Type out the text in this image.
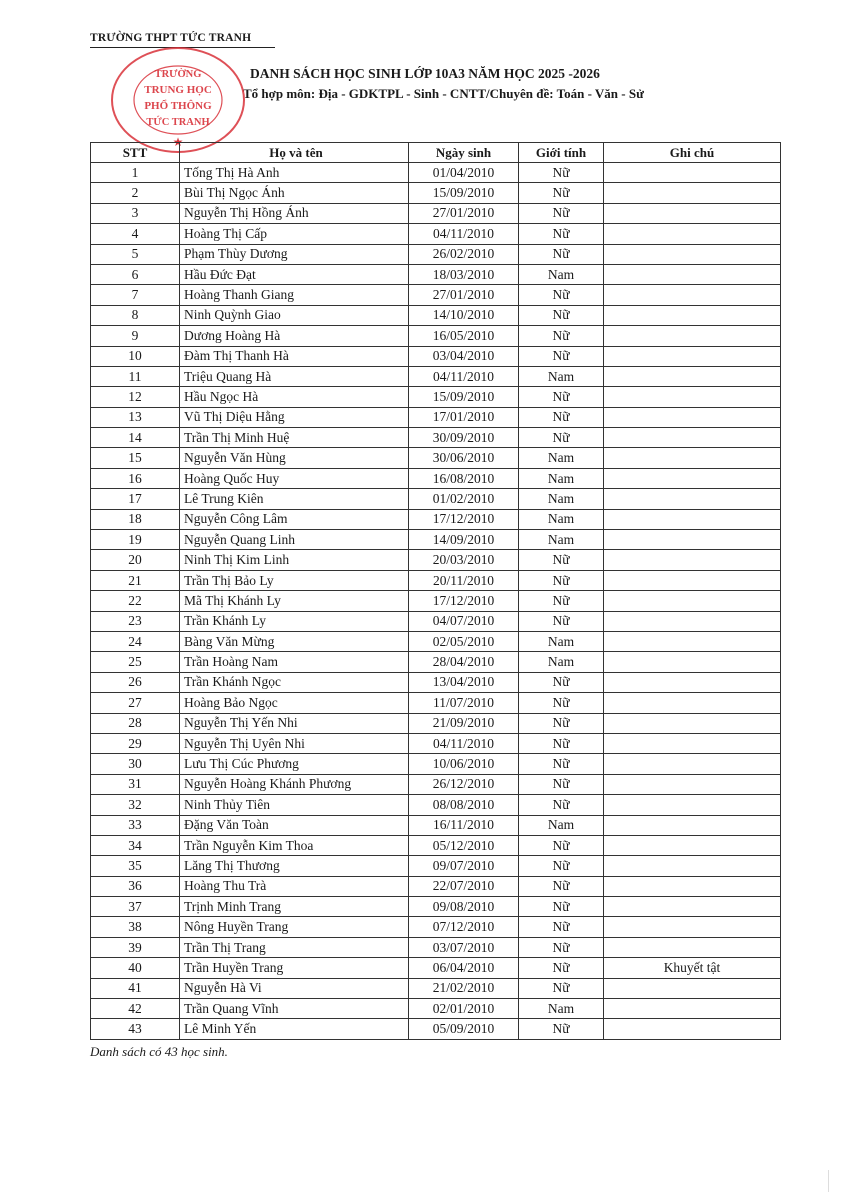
TRƯỜNG THPT TỨC TRANH
DANH SÁCH HỌC SINH LỚP 10A3 NĂM HỌC 2025 -2026
Tổ hợp môn: Địa - GDKTPL - Sinh - CNTT/Chuyên đề: Toán - Văn - Sử
TRƯỜNG
TRUNG HỌC
PHỔ THÔNG
TỨC TRANH
★
STT	Họ và tên	Ngày sinh	Giới tính	Ghi chú
1	Tống Thị Hà Anh	01/04/2010	Nữ	
2	Bùi Thị Ngọc Ánh	15/09/2010	Nữ	
3	Nguyễn Thị Hồng Ánh	27/01/2010	Nữ	
4	Hoàng Thị Cấp	04/11/2010	Nữ	
5	Phạm Thùy Dương	26/02/2010	Nữ	
6	Hầu Đức Đạt	18/03/2010	Nam	
7	Hoàng Thanh Giang	27/01/2010	Nữ	
8	Ninh Quỳnh Giao	14/10/2010	Nữ	
9	Dương Hoàng Hà	16/05/2010	Nữ	
10	Đàm Thị Thanh Hà	03/04/2010	Nữ	
11	Triệu Quang Hà	04/11/2010	Nam	
12	Hầu Ngọc Hà	15/09/2010	Nữ	
13	Vũ Thị Diệu Hằng	17/01/2010	Nữ	
14	Trần Thị Minh Huệ	30/09/2010	Nữ	
15	Nguyễn Văn Hùng	30/06/2010	Nam	
16	Hoàng Quốc Huy	16/08/2010	Nam	
17	Lê Trung Kiên	01/02/2010	Nam	
18	Nguyễn Công Lâm	17/12/2010	Nam	
19	Nguyễn Quang Linh	14/09/2010	Nam	
20	Ninh Thị Kim Linh	20/03/2010	Nữ	
21	Trần Thị Bảo Ly	20/11/2010	Nữ	
22	Mã Thị Khánh Ly	17/12/2010	Nữ	
23	Trần Khánh Ly	04/07/2010	Nữ	
24	Bàng Văn Mừng	02/05/2010	Nam	
25	Trần Hoàng Nam	28/04/2010	Nam	
26	Trần Khánh Ngọc	13/04/2010	Nữ	
27	Hoàng Bảo Ngọc	11/07/2010	Nữ	
28	Nguyễn Thị Yến Nhi	21/09/2010	Nữ	
29	Nguyễn Thị Uyên Nhi	04/11/2010	Nữ	
30	Lưu Thị Cúc Phương	10/06/2010	Nữ	
31	Nguyễn Hoàng Khánh Phương	26/12/2010	Nữ	
32	Ninh Thủy Tiên	08/08/2010	Nữ	
33	Đặng Văn Toàn	16/11/2010	Nam	
34	Trần Nguyễn Kim Thoa	05/12/2010	Nữ	
35	Lăng Thị Thương	09/07/2010	Nữ	
36	Hoàng Thu Trà	22/07/2010	Nữ	
37	Trịnh Minh Trang	09/08/2010	Nữ	
38	Nông Huyền Trang	07/12/2010	Nữ	
39	Trần Thị Trang	03/07/2010	Nữ	
40	Trần Huyền Trang	06/04/2010	Nữ	Khuyết tật
41	Nguyễn Hà Vi	21/02/2010	Nữ	
42	Trần Quang Vĩnh	02/01/2010	Nam	
43	Lê Minh Yến	05/09/2010	Nữ	
Danh sách có 43 học sinh.
